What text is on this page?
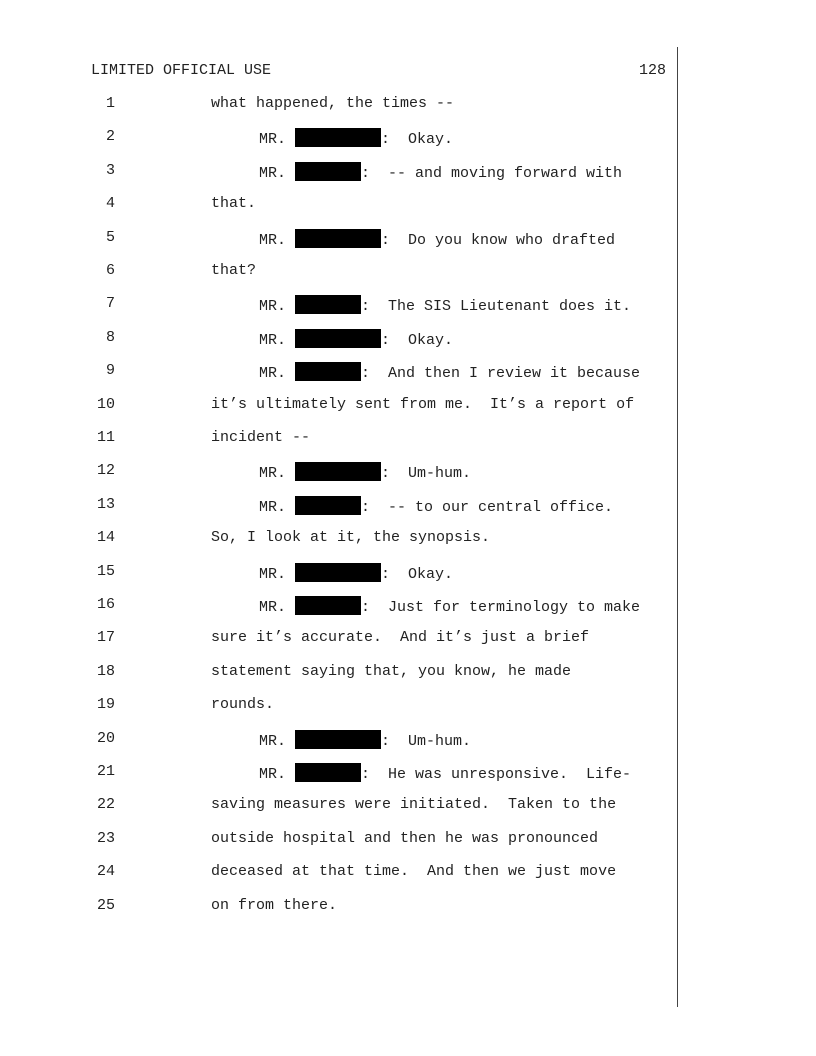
LIMITED OFFICIAL USE	128
1	what happened, the times --
2	MR.	:  Okay.
3	MR.	:  -- and moving forward with
4	that.
5	MR.	:  Do you know who drafted
6	that?
7	MR.	:  The SIS Lieutenant does it.
8	MR.	:  Okay.
9	MR.	:  And then I review it because
10	it’s ultimately sent from me.  It’s a report of
11	incident --
12	MR.	:  Um-hum.
13	MR.	:  -- to our central office.
14	So, I look at it, the synopsis.
15	MR.	:  Okay.
16	MR.	:  Just for terminology to make
17	sure it’s accurate.  And it’s just a brief
18	statement saying that, you know, he made
19	rounds.
20	MR.	:  Um-hum.
21	MR.	:  He was unresponsive.  Life-
22	saving measures were initiated.  Taken to the
23	outside hospital and then he was pronounced
24	deceased at that time.  And then we just move
25	on from there.
